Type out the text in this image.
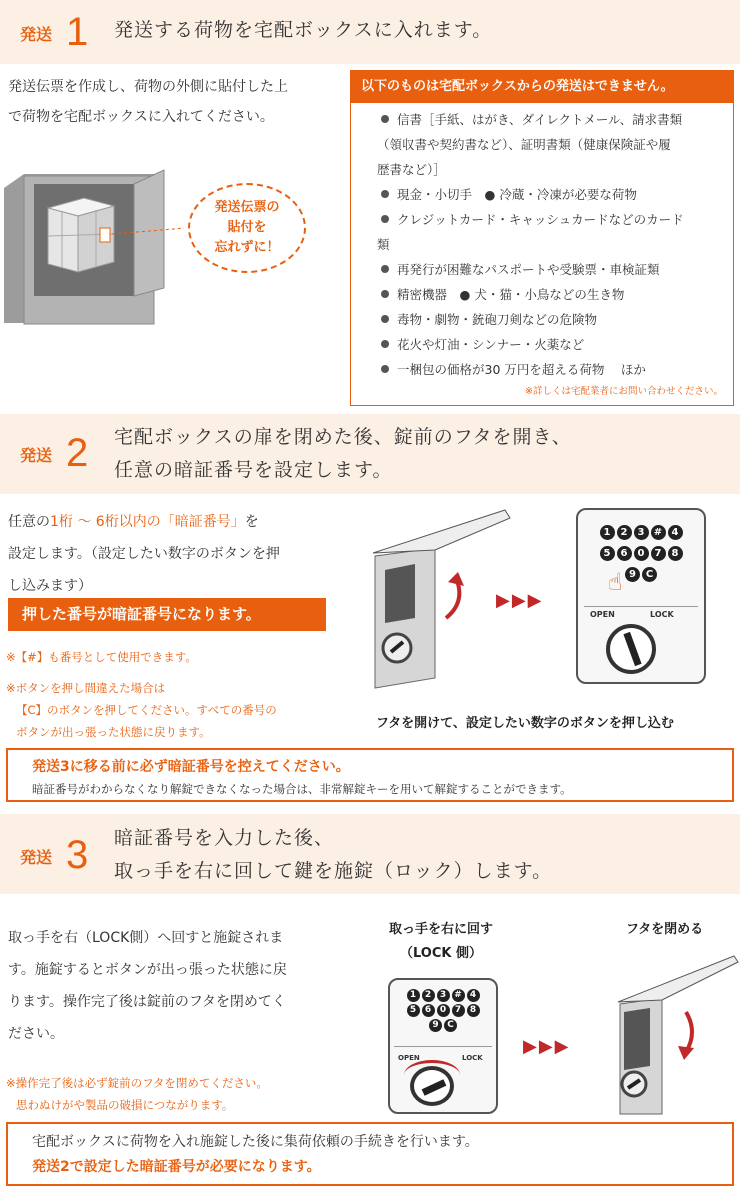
発送 1 発送する荷物を宅配ボックスに入れます。
発送伝票を作成し、荷物の外側に貼付した上
で荷物を宅配ボックスに入れてください。
発送伝票の
貼付を
忘れずに！
以下のものは宅配ボックスからの発送はできません。
信書［手紙、はがき、ダイレクトメール、請求書類
（領収書や契約書など）、証明書類（健康保険証や履
歴書など）］
現金・小切手　● 冷蔵・冷凍が必要な荷物
クレジットカード・キャッシュカードなどのカード
類
再発行が困難なパスポートや受験票・車検証類
精密機器　● 犬・猫・小鳥などの生き物
毒物・劇物・銃砲刀剣などの危険物
花火や灯油・シンナー・火薬など
一梱包の価格が30 万円を超える荷物　 ほか
※詳しくは宅配業者にお問い合わせください。
発送 2 宅配ボックスの扉を閉めた後、錠前のフタを開き、
任意の暗証番号を設定します。
任意の1桁 ～ 6桁以内の「暗証番号」を
設定します。（設定したい数字のボタンを押
し込みます）
押した番号が暗証番号になります。
※【#】も番号として使用できます。
※ボタンを押し間違えた場合は
【C】のボタンを押してください。すべての番号の
ボタンが出っ張った状態に戻ります。
▶▶▶
1 2 3 # 45 6 0 7 89 C
☝
OPEN	LOCK
フタを開けて、設定したい数字のボタンを押し込む
発送3に移る前に必ず暗証番号を控えてください。
暗証番号がわからなくなり解錠できなくなった場合は、非常解錠キーを用いて解錠することができます。
発送 3 暗証番号を入力した後、
取っ手を右に回して鍵を施錠（ロック）します。
取っ手を右（LOCK側）へ回すと施錠されま
す。施錠するとボタンが出っ張った状態に戻
ります。操作完了後は錠前のフタを閉めてく
ださい。
※操作完了後は必ず錠前のフタを閉めてください。
思わぬけがや製品の破損につながります。
取っ手を右に回す
（LOCK 側）
フタを閉める
1 2 3 # 45 6 0 7 89 C
OPEN	LOCK
▶▶▶
宅配ボックスに荷物を入れ施錠した後に集荷依頼の手続きを行います。
発送2で設定した暗証番号が必要になります。
